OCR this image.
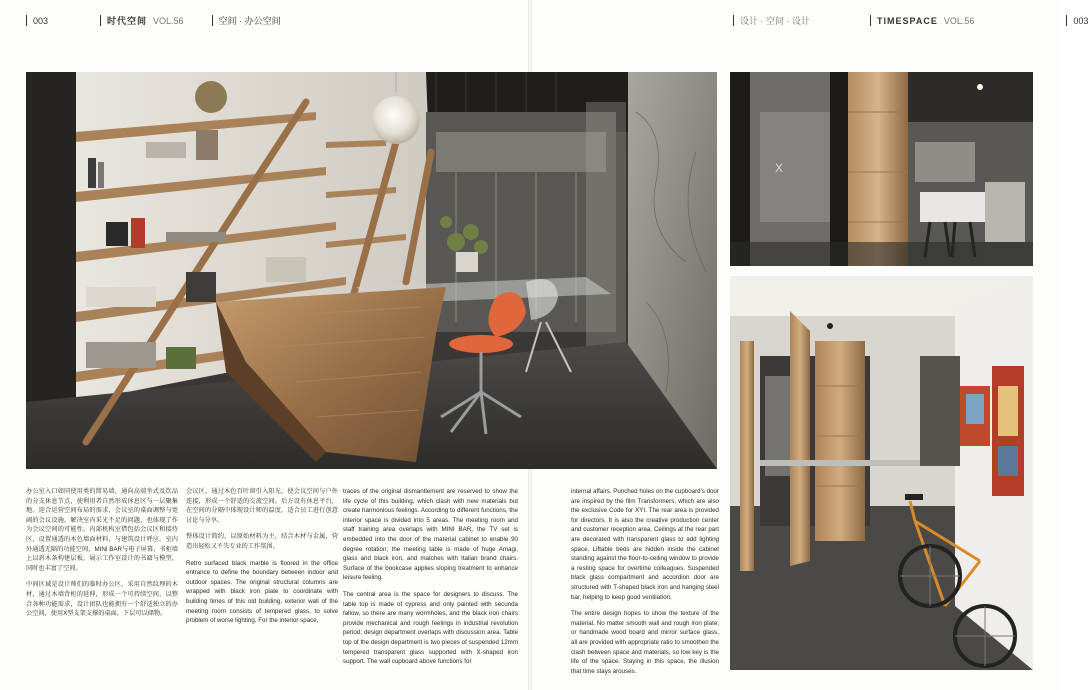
003	时代空间 VOL.56	空间 · 办公空间	设计 · 空间 · 设计	TIMESPACE VOL.56	003
X

办公室入口如同使用类的简易墙，通向高端坐式及饮品的分支休息节点，使利用者自然形成休息区与一层聚集地。迎合运营空间布局的需求，会议室的桌面调整与宽阔的会议设施，解决室内采光不足的问题，也体现了作为会议空间的可能性，内部机构室借包括会议区和接待区，设置通透的木色墙面材料，与建筑设计呼应。室内外通透无隔的功能空间，MINI BAR与电子屏幕，书柜墙上以斜木条构建层板，展示工作室设计的书籍与模型，同时也丰富了空间。

中间区域是设计师们的临时办公区，采用自然纹理的木材，通过木墙背柜的延伸，形成一个可持续空间，以整合各种功能需求，设计团队也能拥有一个舒适独立的办公空间，使用X型支架支撑的桌面，下层可以储物。

会议区，通过木色百叶窗引入阳光，使会议空间与户外连接，形成一个舒适的交流空间。后方设有休息平台，在空间的分隔中体现设计师的温度，适合员工进行创意讨论与分享。

整体设计简约，以原始材料为主，结合木材与金属，营造出轻松又不失专业的工作氛围。

Retro surfaced black marble is floored in the office entrance to define the boundary between indoor and outdoor spaces. The original structural columns are wrapped with black iron plate to coordinate with building times of this old building, exterior wall of the meeting room consists of tempered glass, to solve problem of worse lighting. For the interior space,

traces of the original dismantlement are reserved to show the life cycle of this building, which clash with new materials but create harmonious feelings. According to different functions, the interior space is divided into 5 areas. The meeting room and staff training area overlaps with MINI BAR, the TV set is embedded into the door of the material cabinet to enable 90 degree rotation; the meeting table is made of huge Amagi, glass and black iron, and matches with Italian brand chairs. Surface of the bookcase applies sloping treatment to enhance leisure feeling.

The central area is the space for designers to discuss. The table top is made of cypress and only painted with secunda fallow, so there are many wormholes, and the black iron chairs provide mechanical and rough feelings in industrial revolution period; design department overlaps with discussion area. Table top of the design department is two pieces of suspended 12mm tempered transparent glass supported with X-shaped iron support. The wall cupboard above functions for

internal affairs. Punched holes on the cupboard's door are inspired by the film Transformers, which are also the exclusive Code for XYI. The rear area is provided for directors. It is also the creative production center and customer reception area. Ceilings at the rear part are decorated with transparent glass to add lighting space. Liftable beds are hidden inside the cabinet standing against the floor-to-ceiling window to provide a resting space for overtime colleagues. Suspended black glass compartment and accordion door are structured with T-shaped black iron and hanging steel bar, helping to keep good ventilation.

The entire design hopes to show the texture of the material. No matter smooth wall and rough iron plate, or handmade wood board and mirror surface glass, all are provided with appropriate ratio to smoothen the clash between space and materials, so low key is the life of the space. Staying in this space, the illusion that time stays arouses.
